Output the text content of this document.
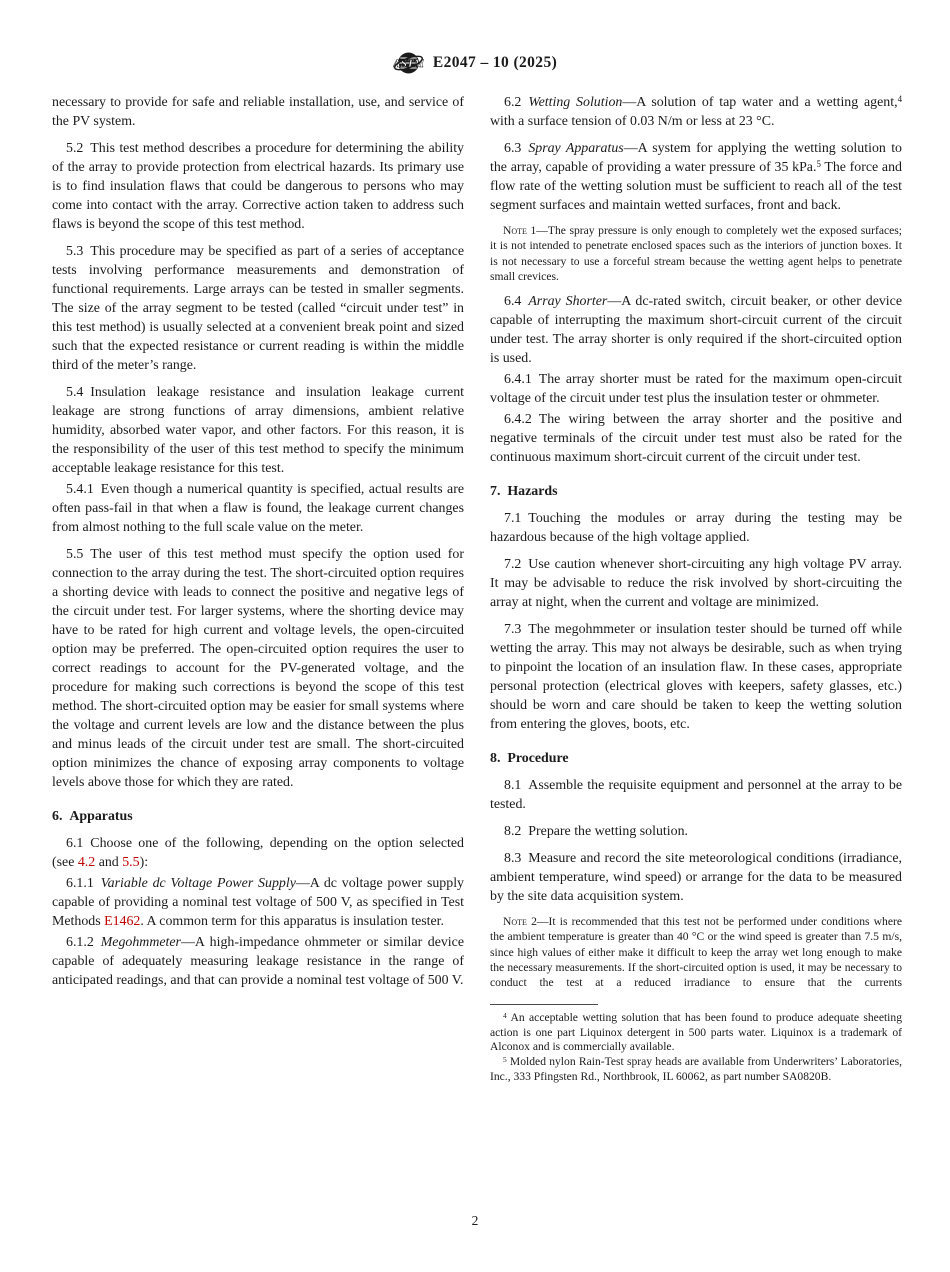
ASTM E2047 – 10 (2025)

necessary to provide for safe and reliable installation, use, and service of the PV system.

5.2 This test method describes a procedure for determining the ability of the array to provide protection from electrical hazards. Its primary use is to find insulation flaws that could be dangerous to persons who may come into contact with the array. Corrective action taken to address such flaws is beyond the scope of this test method.

5.3 This procedure may be specified as part of a series of acceptance tests involving performance measurements and demonstration of functional requirements. Large arrays can be tested in smaller segments. The size of the array segment to be tested (called “circuit under test” in this test method) is usually selected at a convenient break point and sized such that the expected resistance or current reading is within the middle third of the meter’s range.

5.4 Insulation leakage resistance and insulation leakage current leakage are strong functions of array dimensions, ambient relative humidity, absorbed water vapor, and other factors. For this reason, it is the responsibility of the user of this test method to specify the minimum acceptable leakage resistance for this test.

5.4.1 Even though a numerical quantity is specified, actual results are often pass-fail in that when a flaw is found, the leakage current changes from almost nothing to the full scale value on the meter.

5.5 The user of this test method must specify the option used for connection to the array during the test. The short-circuited option requires a shorting device with leads to connect the positive and negative legs of the circuit under test. For larger systems, where the shorting device may have to be rated for high current and voltage levels, the open-circuited option may be preferred. The open-circuited option requires the user to correct readings to account for the PV-generated voltage, and the procedure for making such corrections is beyond the scope of this test method. The short-circuited option may be easier for small systems where the voltage and current levels are low and the distance between the plus and minus leads of the circuit under test are small. The short-circuited option minimizes the chance of exposing array components to voltage levels above those for which they are rated.

6. Apparatus

6.1 Choose one of the following, depending on the option selected (see 4.2 and 5.5):

6.1.1 Variable dc Voltage Power Supply—A dc voltage power supply capable of providing a nominal test voltage of 500 V, as specified in Test Methods E1462. A common term for this apparatus is insulation tester.

6.1.2 Megohmmeter—A high-impedance ohmmeter or similar device capable of adequately measuring leakage resistance in the range of anticipated readings, and that can provide a nominal test voltage of 500 V.

6.2 Wetting Solution—A solution of tap water and a wetting agent,$^4$ with a surface tension of 0.03 N/m or less at 23 °C.

6.3 Spray Apparatus—A system for applying the wetting solution to the array, capable of providing a water pressure of 35 kPa.$^5$ The force and flow rate of the wetting solution must be sufficient to reach all of the test segment surfaces and maintain wetted surfaces, front and back.

Note 1—The spray pressure is only enough to completely wet the exposed surfaces; it is not intended to penetrate enclosed spaces such as the interiors of junction boxes. It is not necessary to use a forceful stream because the wetting agent helps to penetrate small crevices.

6.4 Array Shorter—A dc-rated switch, circuit beaker, or other device capable of interrupting the maximum short-circuit current of the circuit under test. The array shorter is only required if the short-circuited option is used.

6.4.1 The array shorter must be rated for the maximum open-circuit voltage of the circuit under test plus the insulation tester or ohmmeter.

6.4.2 The wiring between the array shorter and the positive and negative terminals of the circuit under test must also be rated for the continuous maximum short-circuit current of the circuit under test.

7. Hazards

7.1 Touching the modules or array during the testing may be hazardous because of the high voltage applied.

7.2 Use caution whenever short-circuiting any high voltage PV array. It may be advisable to reduce the risk involved by short-circuiting the array at night, when the current and voltage are minimized.

7.3 The megohmmeter or insulation tester should be turned off while wetting the array. This may not always be desirable, such as when trying to pinpoint the location of an insulation flaw. In these cases, appropriate personal protection (electrical gloves with keepers, safety glasses, etc.) should be worn and care should be taken to keep the wetting solution from entering the gloves, boots, etc.

8. Procedure

8.1 Assemble the requisite equipment and personnel at the array to be tested.

8.2 Prepare the wetting solution.

8.3 Measure and record the site meteorological conditions (irradiance, ambient temperature, wind speed) or arrange for the data to be measured by the site data acquisition system.

Note 2—It is recommended that this test not be performed under conditions where the ambient temperature is greater than 40 °C or the wind speed is greater than 7.5 m/s, since high values of either make it difficult to keep the array wet long enough to make the necessary measurements. If the short-circuited option is used, it may be necessary to conduct the test at a reduced irradiance to ensure that the currents
$^4$ An acceptable wetting solution that has been found to produce adequate sheeting action is one part Liquinox detergent in 500 parts water. Liquinox is a trademark of Alconox and is commercially available.
$^5$ Molded nylon Rain-Test spray heads are available from Underwriters’ Laboratories, Inc., 333 Pfingsten Rd., Northbrook, IL 60062, as part number SA0820B.
2
